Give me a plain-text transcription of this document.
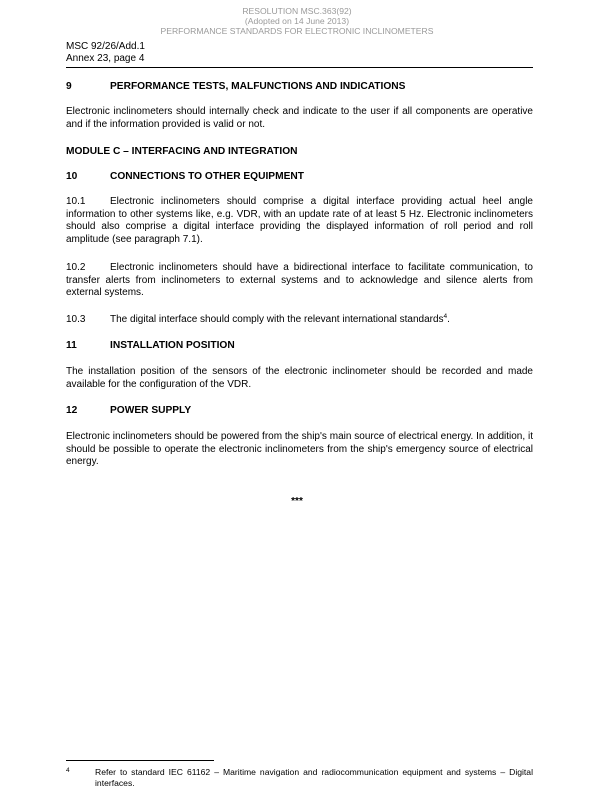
RESOLUTION MSC.363(92)
(Adopted on 14 June 2013)
PERFORMANCE STANDARDS FOR ELECTRONIC INCLINOMETERS
MSC 92/26/Add.1
Annex 23, page 4

9	PERFORMANCE TESTS, MALFUNCTIONS AND INDICATIONS

Electronic inclinometers should internally check and indicate to the user if all components are operative and if the information provided is valid or not.

MODULE C – INTERFACING AND INTEGRATION

10	CONNECTIONS TO OTHER EQUIPMENT

10.1 Electronic inclinometers should comprise a digital interface providing actual heel angle information to other systems like, e.g. VDR, with an update rate of at least 5 Hz. Electronic inclinometers should also comprise a digital interface providing the displayed information of roll period and roll amplitude (see paragraph 7.1).

10.2 Electronic inclinometers should have a bidirectional interface to facilitate communication, to transfer alerts from inclinometers to external systems and to acknowledge and silence alerts from external systems.

10.3 The digital interface should comply with the relevant international standards$^4$.

11	INSTALLATION POSITION

The installation position of the sensors of the electronic inclinometer should be recorded and made available for the configuration of the VDR.

12	POWER SUPPLY

Electronic inclinometers should be powered from the ship's main source of electrical energy. In addition, it should be possible to operate the electronic inclinometers from the ship's emergency source of electrical energy.

***
4	Refer to standard IEC 61162 – Maritime navigation and radiocommunication equipment and systems – Digital interfaces.
